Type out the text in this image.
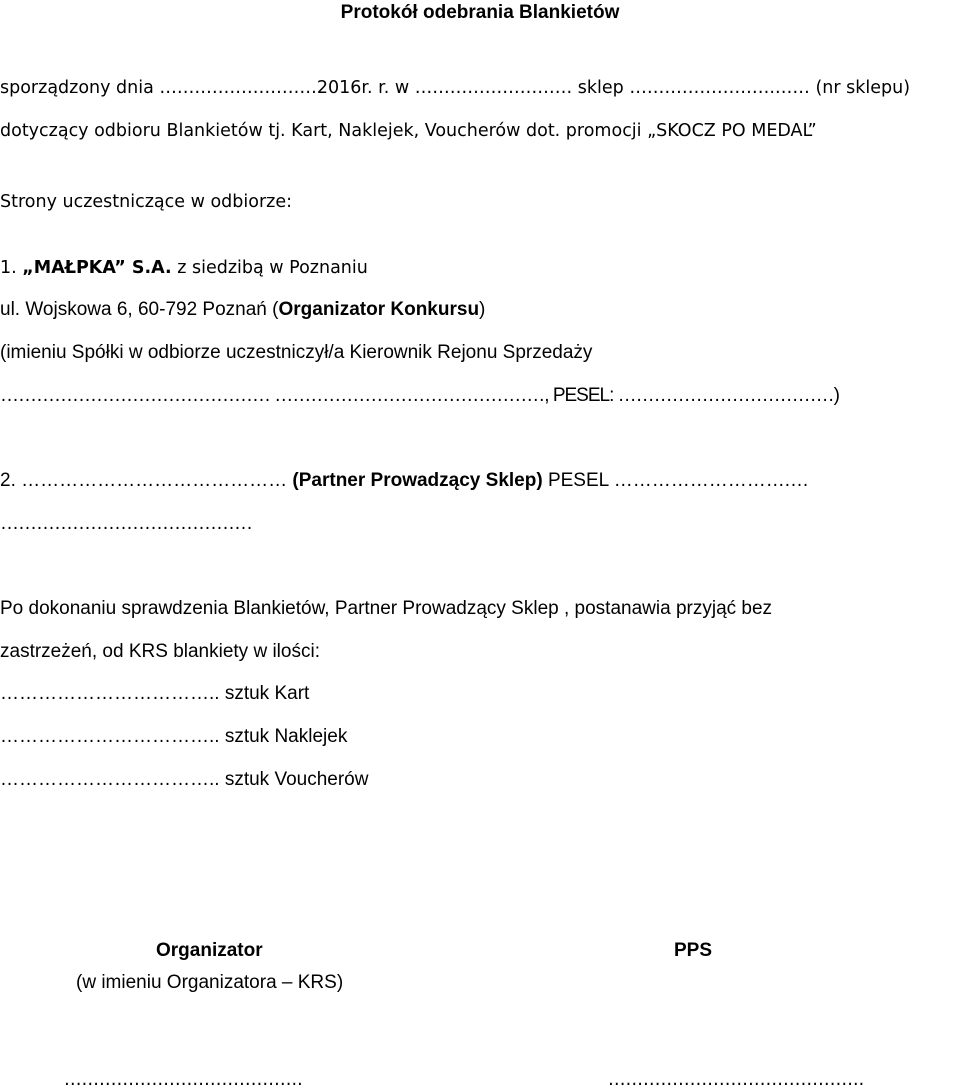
Protokół odebrania Blankietów
sporządzony dnia ………………………2016r. r. w ……………………… sklep …………………….…… (nr sklepu)
dotyczący odbioru Blankietów tj. Kart, Naklejek, Voucherów dot. promocji „SKOCZ PO MEDAL”
Strony uczestniczące w odbiorze:
1. „MAŁPKA” S.A. z siedzibą w Poznaniu
ul. Wojskowa 6, 60-792 Poznań (Organizator Konkursu)
(imieniu Spółki w odbiorze uczestniczył/a Kierownik Rejonu Sprzedaży
……………………………………… ………………………………………, PESEL: ………………………………)
2. …………………………………… (Partner Prowadzący Sklep) PESEL ……………………….…
……………………………………
Po dokonaniu sprawdzenia Blankietów, Partner Prowadzący Sklep , postanawia przyjąć bez
zastrzeżeń, od KRS blankiety w ilości:
…………………………….. sztuk Kart
…………………………….. sztuk Naklejek
…………………………….. sztuk Voucherów
Organizator
(w imieniu Organizatora – KRS)
PPS
…………………………………..	……………………………………..
